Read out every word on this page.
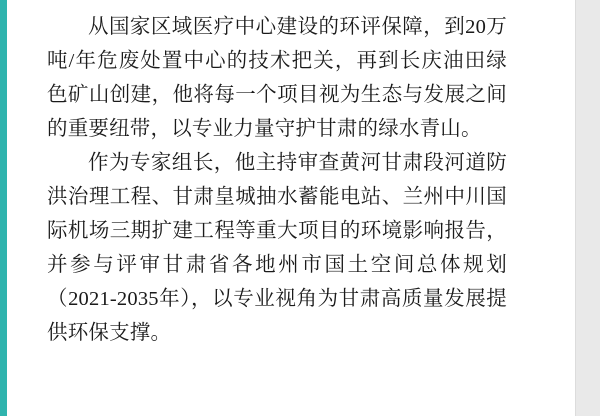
从国家区域医疗中心建设的环评保障，到20万吨/年危废处置中心的技术把关，再到长庆油田绿色矿山创建，他将每一个项目视为生态与发展之间的重要纽带，以专业力量守护甘肃的绿水青山。

作为专家组长，他主持审查黄河甘肃段河道防洪治理工程、甘肃皇城抽水蓄能电站、兰州中川国际机场三期扩建工程等重大项目的环境影响报告，并参与评审甘肃省各地州市国土空间总体规划（2021-2035年），以专业视角为甘肃高质量发展提供环保支撑。
